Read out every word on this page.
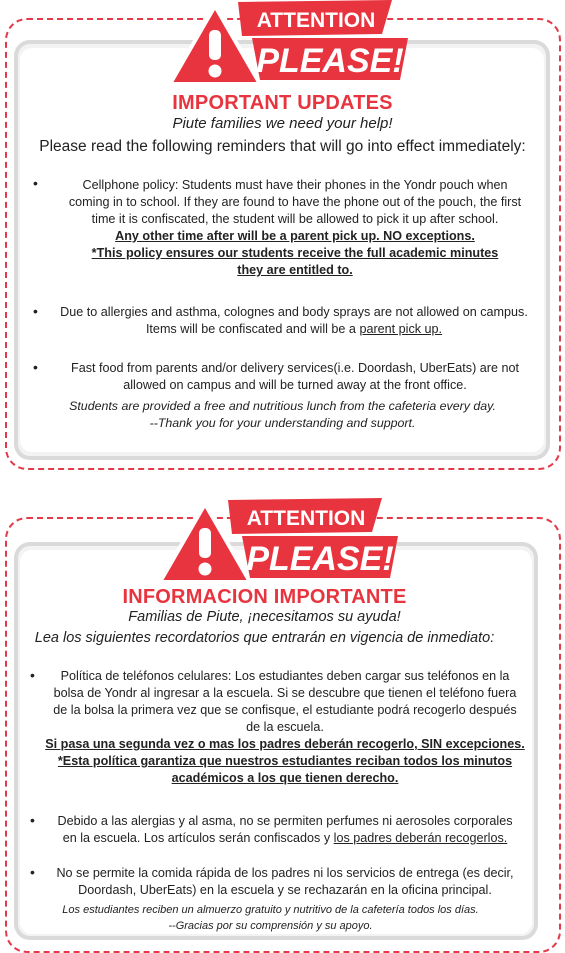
ATTENTION
PLEASE!
IMPORTANT UPDATES
Piute families we need your help!
Please read the following reminders that will go into effect immediately:
•	Cellphone policy: Students must have their phones in the Yondr pouch when
coming in to school. If they are found to have the phone out of the pouch, the first
time it is confiscated, the student will be allowed to pick it up after school.
Any other time after will be a parent pick up. NO exceptions.
*This policy ensures our students receive the full academic minutes
they are entitled to.
•	Due to allergies and asthma, colognes and body sprays are not allowed on campus.
Items will be confiscated and will be a parent pick up.
•	Fast food from parents and/or delivery services(i.e. Doordash, UberEats) are not
allowed on campus and will be turned away at the front office.
Students are provided a free and nutritious lunch from the cafeteria every day.
--Thank you for your understanding and support.
ATTENTION
PLEASE!
INFORMACION IMPORTANTE
Familias de Piute, ¡necesitamos su ayuda!
Lea los siguientes recordatorios que entrarán en vigencia de inmediato:
•	Política de teléfonos celulares: Los estudiantes deben cargar sus teléfonos en la
bolsa de Yondr al ingresar a la escuela. Si se descubre que tienen el teléfono fuera
de la bolsa la primera vez que se confisque, el estudiante podrá recogerlo después
de la escuela.
Si pasa una segunda vez o mas los padres deberán recogerlo, SIN excepciones.
*Esta política garantiza que nuestros estudiantes reciban todos los minutos
académicos a los que tienen derecho.
•	Debido a las alergias y al asma, no se permiten perfumes ni aerosoles corporales
en la escuela. Los artículos serán confiscados y los padres deberán recogerlos.
•	No se permite la comida rápida de los padres ni los servicios de entrega (es decir,
Doordash, UberEats) en la escuela y se rechazarán en la oficina principal.
Los estudiantes reciben un almuerzo gratuito y nutritivo de la cafetería todos los días.
--Gracias por su comprensión y su apoyo.
